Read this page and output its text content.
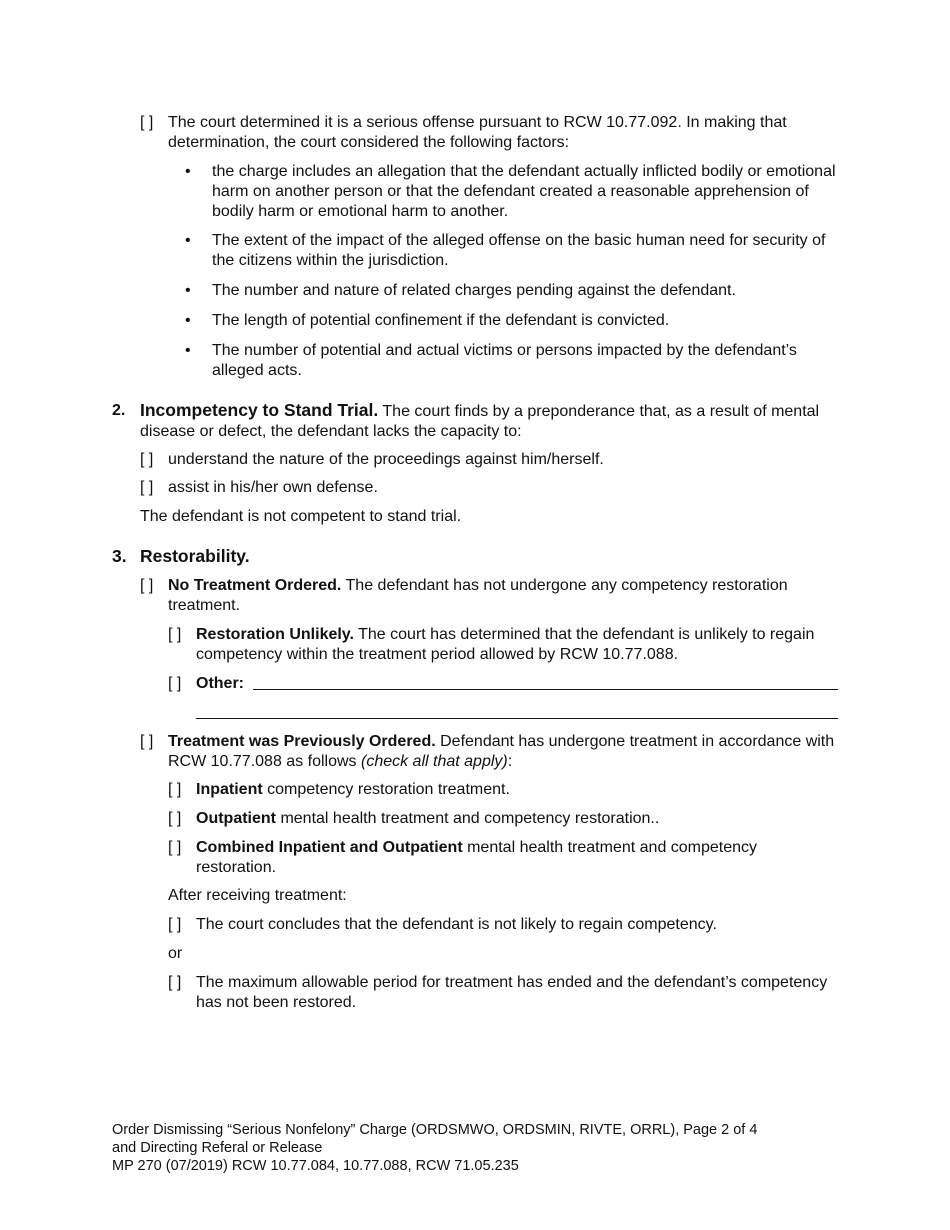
[ ] The court determined it is a serious offense pursuant to RCW 10.77.092. In making that determination, the court considered the following factors:
•	the charge includes an allegation that the defendant actually inflicted bodily or emotional harm on another person or that the defendant created a reasonable apprehension of bodily harm or emotional harm to another.
•	The extent of the impact of the alleged offense on the basic human need for security of the citizens within the jurisdiction.
•	The number and nature of related charges pending against the defendant.
•	The length of potential confinement if the defendant is convicted.
•	The number of potential and actual victims or persons impacted by the defendant’s alleged acts.
2. Incompetency to Stand Trial. The court finds by a preponderance that, as a result of mental disease or defect, the defendant lacks the capacity to:
[ ] understand the nature of the proceedings against him/herself.
[ ] assist in his/her own defense.
The defendant is not competent to stand trial.
3. Restorability.
[ ] No Treatment Ordered. The defendant has not undergone any competency restoration treatment.
[ ] Restoration Unlikely. The court has determined that the defendant is unlikely to regain competency within the treatment period allowed by RCW 10.77.088.
[ ] Other:
[ ] Treatment was Previously Ordered. Defendant has undergone treatment in accordance with RCW 10.77.088 as follows (check all that apply):
[ ] Inpatient competency restoration treatment.
[ ] Outpatient mental health treatment and competency restoration..
[ ] Combined Inpatient and Outpatient mental health treatment and competency restoration.
After receiving treatment:
[ ] The court concludes that the defendant is not likely to regain competency.
or
[ ] The maximum allowable period for treatment has ended and the defendant’s competency has not been restored.
Order Dismissing “Serious Nonfelony” Charge (ORDSMWO, ORDSMIN, RIVTE, ORRL), Page 2 of 4
and Directing Referal or Release
MP 270 (07/2019) RCW 10.77.084, 10.77.088, RCW 71.05.235
